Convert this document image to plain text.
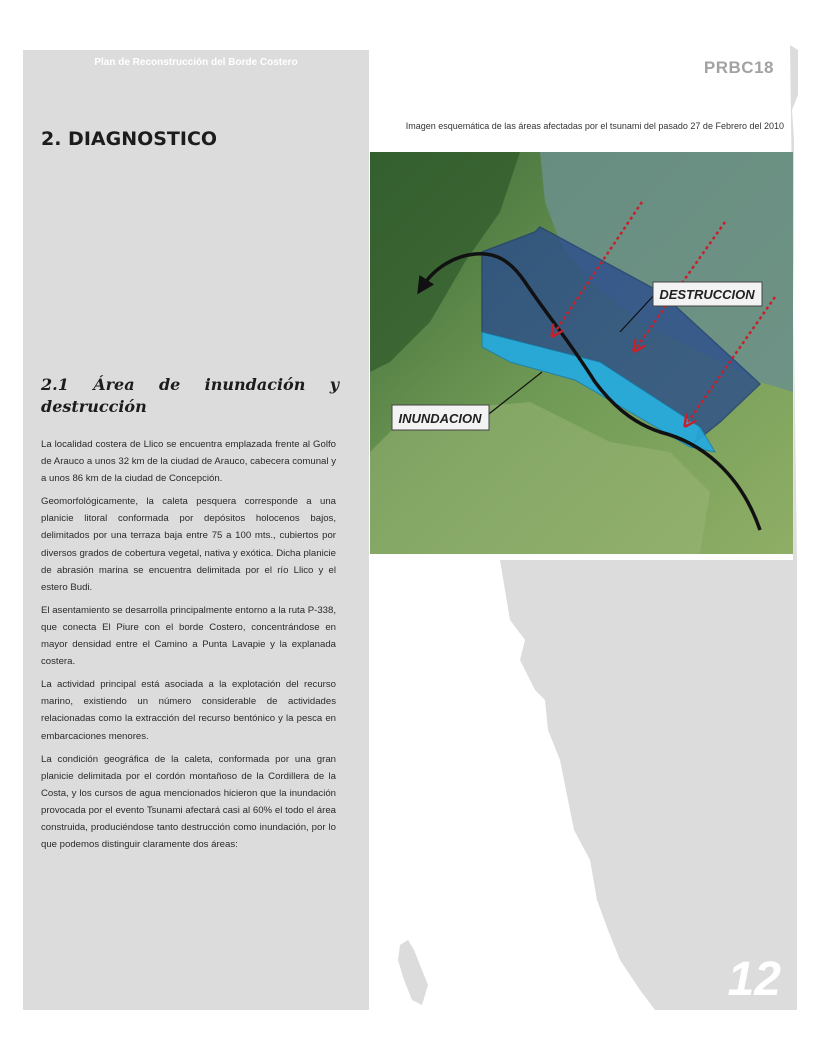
Plan de Reconstrucción del Borde Costero	PRBC18
2. DIAGNOSTICO
2.1 Área de inundación y destrucción

La localidad costera de Llico se encuentra emplazada frente al Golfo de Arauco a unos 32 km de la ciudad de Arauco, cabecera comunal y a unos 86 km de la ciudad de Concepción.

Geomorfológicamente, la caleta pesquera corresponde a una planicie litoral conformada por depósitos holocenos bajos, delimitados por una terraza baja entre 75 a 100 mts., cubiertos por diversos grados de cobertura vegetal, nativa y exótica. Dicha planicie de abrasión marina se encuentra delimitada por el río Llico y el estero Budi.

El asentamiento se desarrolla principalmente entorno a la ruta P-338, que conecta El Piure con el borde Costero, concentrándose en mayor densidad entre el Camino a Punta Lavapie y la explanada costera.

La actividad principal está asociada a la explotación del recurso marino, existiendo un número considerable de actividades relacionadas como la extracción del recurso bentónico y la pesca en embarcaciones menores.

La condición geográfica de la caleta, conformada por una gran planicie delimitada por el cordón montañoso de la Cordillera de la Costa, y los cursos de agua mencionados hicieron que la inundación provocada por el evento Tsunami afectará casi al 60% el todo el área construida, produciéndose tanto destrucción como inundación, por lo que podemos distinguir claramente dos áreas:

Imagen esquemática de las áreas afectadas por el tsunami del pasado 27 de Febrero del 2010

DESTRUCCION
INUNDACION
12
